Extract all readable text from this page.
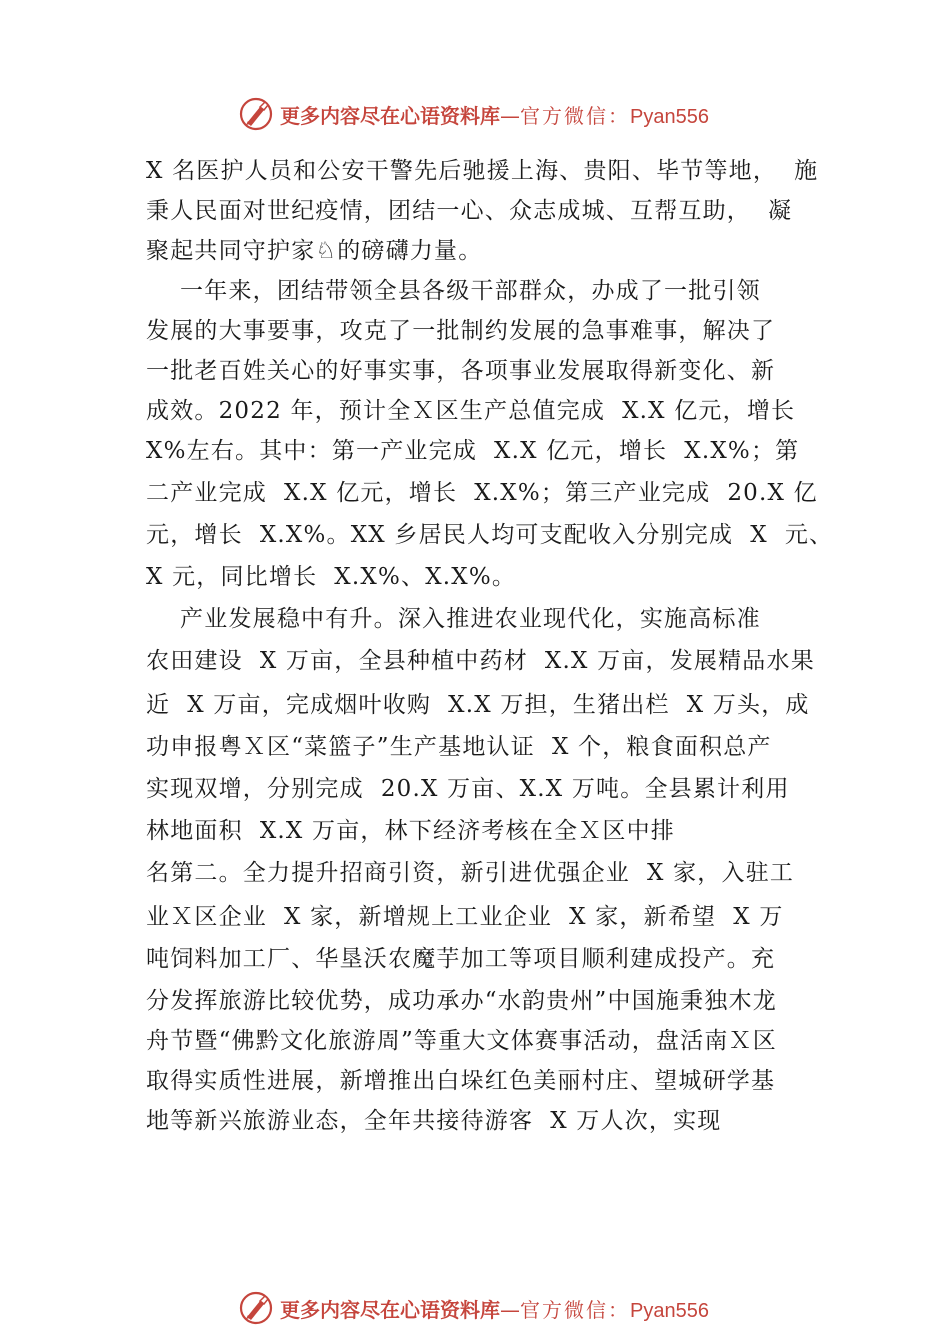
更多内容尽在心语资料库—官方微信：Pyan556

X 名医护人员和公安干警先后驰援上海、贵阳、毕节等地，  施

秉人民面对世纪疫情，团结一心、众志成城、互帮互助，  凝

聚起共同守护家♘的磅礴力量。

一年来，团结带领全县各级干部群众，办成了一批引领

发展的大事要事，攻克了一批制约发展的急事难事，解决了

一批老百姓关心的好事实事，各项事业发展取得新变化、新

成效。2022 年，预计全Ｘ区生产总值完成  X.X 亿元，增长

X%左右。其中：第一产业完成  X.X 亿元，增长  X.X%；第

二产业完成  X.X 亿元，增长  X.X%；第三产业完成  20.X 亿

元，增长  X.X%。XX 乡居民人均可支配收入分别完成  X  元、

X 元，同比增长  X.X%、X.X%。

产业发展稳中有升。深入推进农业现代化，实施高标准

农田建设  X 万亩，全县种植中药材  X.X 万亩，发展精品水果

近  X 万亩，完成烟叶收购  X.X 万担，生猪出栏  X 万头，成

功申报粤Ｘ区“菜篮子”生产基地认证  X 个，粮食面积总产

实现双增，分别完成  20.X 万亩、X.X 万吨。全县累计利用

林地面积  X.X 万亩，林下经济考核在全Ｘ区中排

名第二。全力提升招商引资，新引进优强企业  X 家，入驻工

业Ｘ区企业  X 家，新增规上工业企业  X 家，新希望  X 万

吨饲料加工厂、华垦沃农魔芋加工等项目顺利建成投产。充

分发挥旅游比较优势，成功承办“水韵贵州”中国施秉独木龙

舟节暨“佛黔文化旅游周”等重大文体赛事活动，盘活南Ｘ区

取得实质性进展，新增推出白垛红色美丽村庄、望城研学基

地等新兴旅游业态，全年共接待游客  X 万人次，实现

更多内容尽在心语资料库—官方微信：Pyan556
